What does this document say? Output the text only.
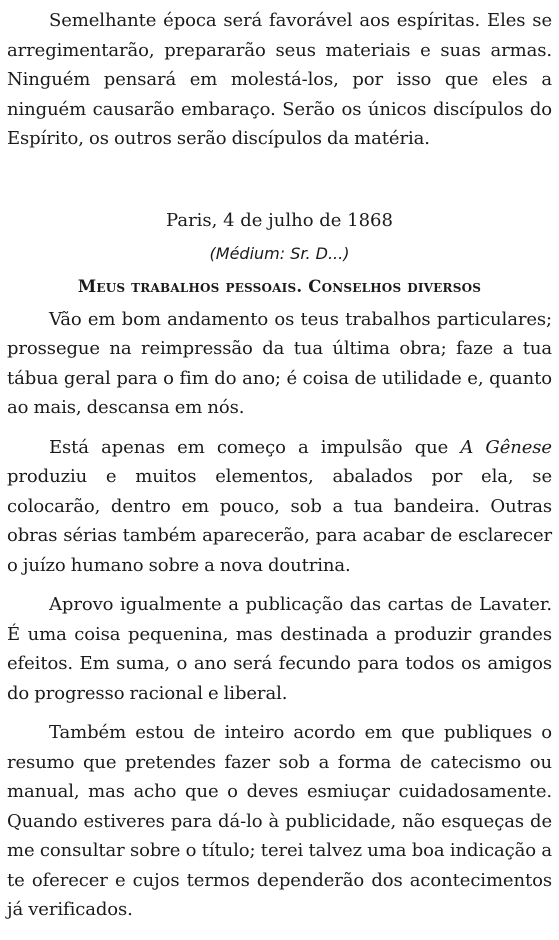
Semelhante época será favorável aos espíritas. Eles se arregimentarão, prepararão seus materiais e suas armas. Ninguém pensará em molestá-los, por isso que eles a ninguém causarão embaraço. Serão os únicos discípulos do Espírito, os outros serão discípulos da matéria.

Paris, 4 de julho de 1868

(Médium: Sr. D...)

Meus trabalhos pessoais. Conselhos diversos

Vão em bom andamento os teus trabalhos particulares; prossegue na reimpressão da tua última obra; faze a tua tábua geral para o fim do ano; é coisa de utilidade e, quanto ao mais, descansa em nós.

Está apenas em começo a impulsão que A Gênese produziu e muitos elementos, abalados por ela, se colocarão, dentro em pouco, sob a tua bandeira. Outras obras sérias também aparecerão, para acabar de esclarecer o juízo humano sobre a nova doutrina.

Aprovo igualmente a publicação das cartas de Lavater. É uma coisa pequenina, mas destinada a produzir grandes efeitos. Em suma, o ano será fecundo para todos os amigos do progresso racional e liberal.

Também estou de inteiro acordo em que publiques o resumo que pretendes fazer sob a forma de catecismo ou manual, mas acho que o deves esmiuçar cuidadosamente. Quando estiveres para dá-lo à publicidade, não esqueças de me consultar sobre o título; terei talvez uma boa indicação a te oferecer e cujos termos dependerão dos acontecimentos já verificados.
